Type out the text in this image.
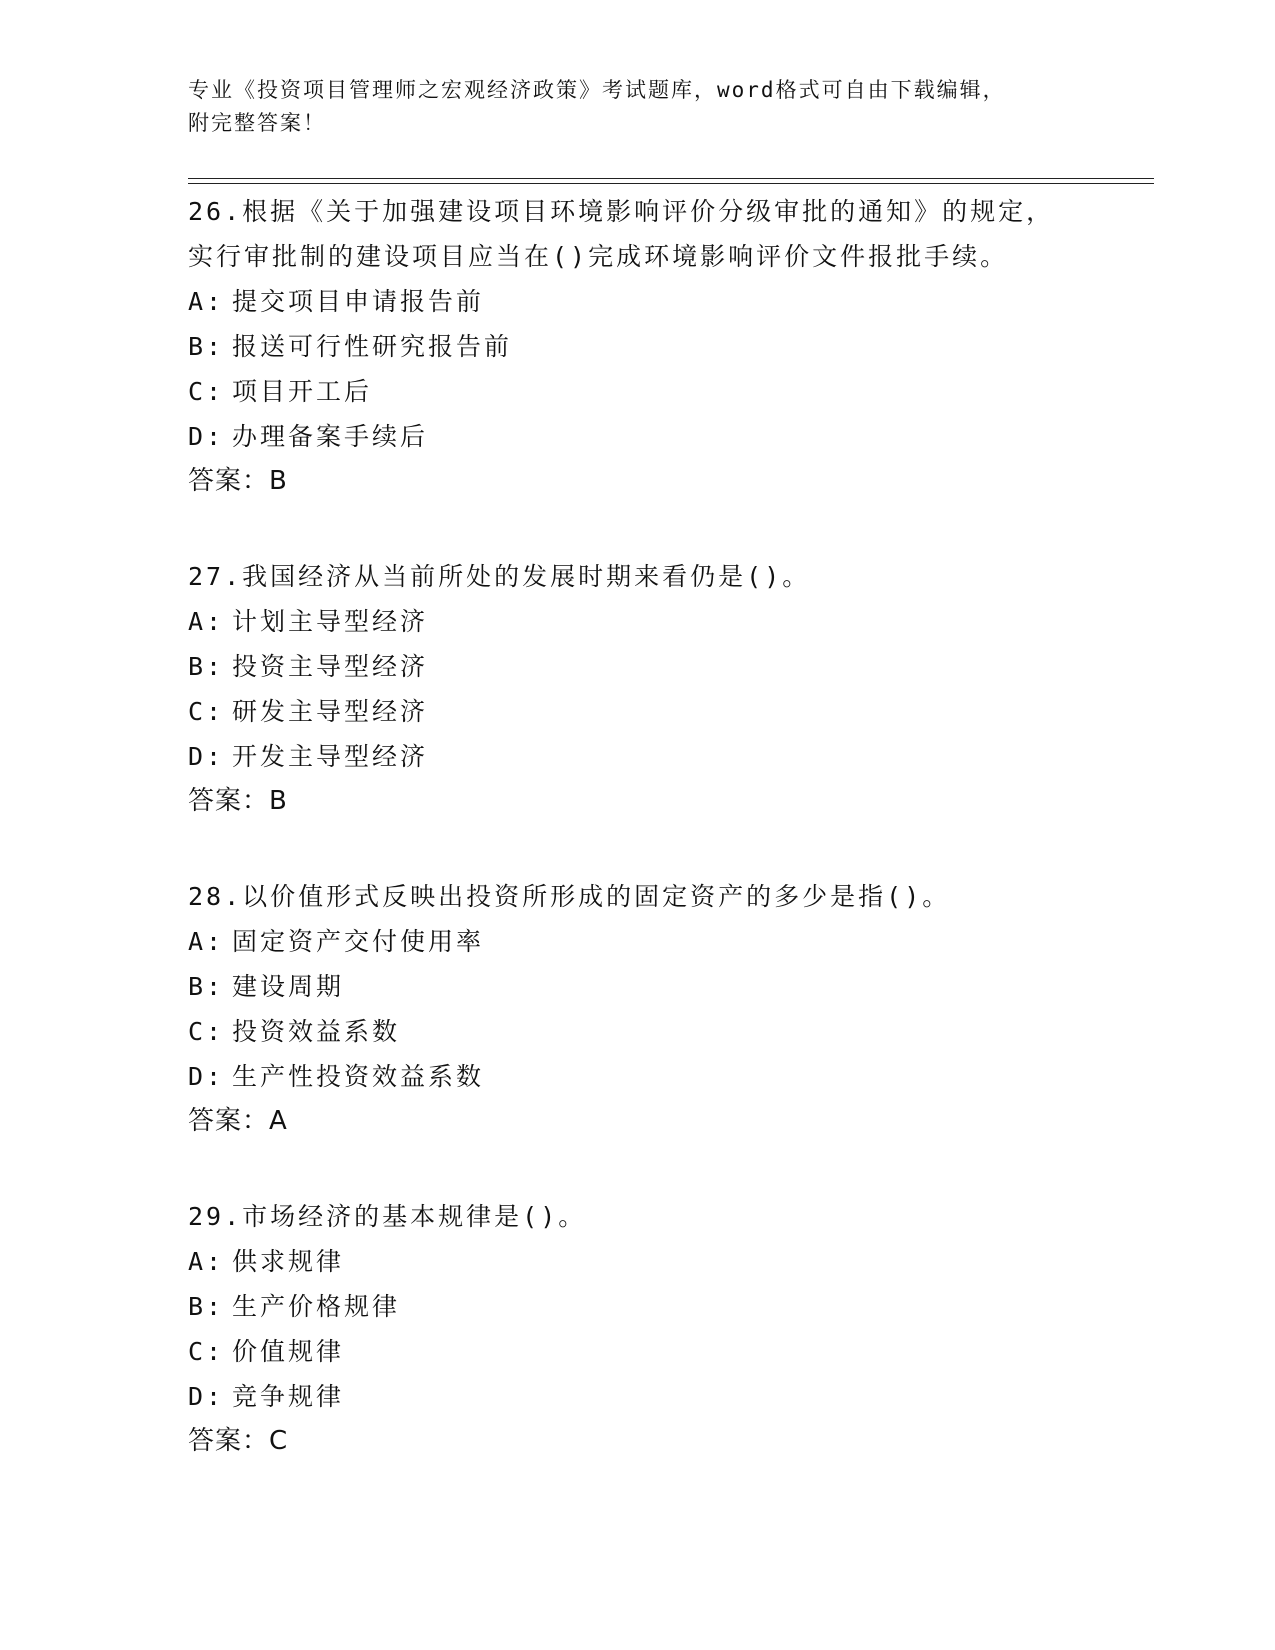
专业《投资项目管理师之宏观经济政策》考试题库，word格式可自由下载编辑，
附完整答案！
26.根据《关于加强建设项目环境影响评价分级审批的通知》的规定，
实行审批制的建设项目应当在()完成环境影响评价文件报批手续。
A: 提交项目申请报告前
B: 报送可行性研究报告前
C: 项目开工后
D: 办理备案手续后
答案：B
27.我国经济从当前所处的发展时期来看仍是()。
A: 计划主导型经济
B: 投资主导型经济
C: 研发主导型经济
D: 开发主导型经济
答案：B
28.以价值形式反映出投资所形成的固定资产的多少是指()。
A: 固定资产交付使用率
B: 建设周期
C: 投资效益系数
D: 生产性投资效益系数
答案：A
29.市场经济的基本规律是()。
A: 供求规律
B: 生产价格规律
C: 价值规律
D: 竞争规律
答案：C
